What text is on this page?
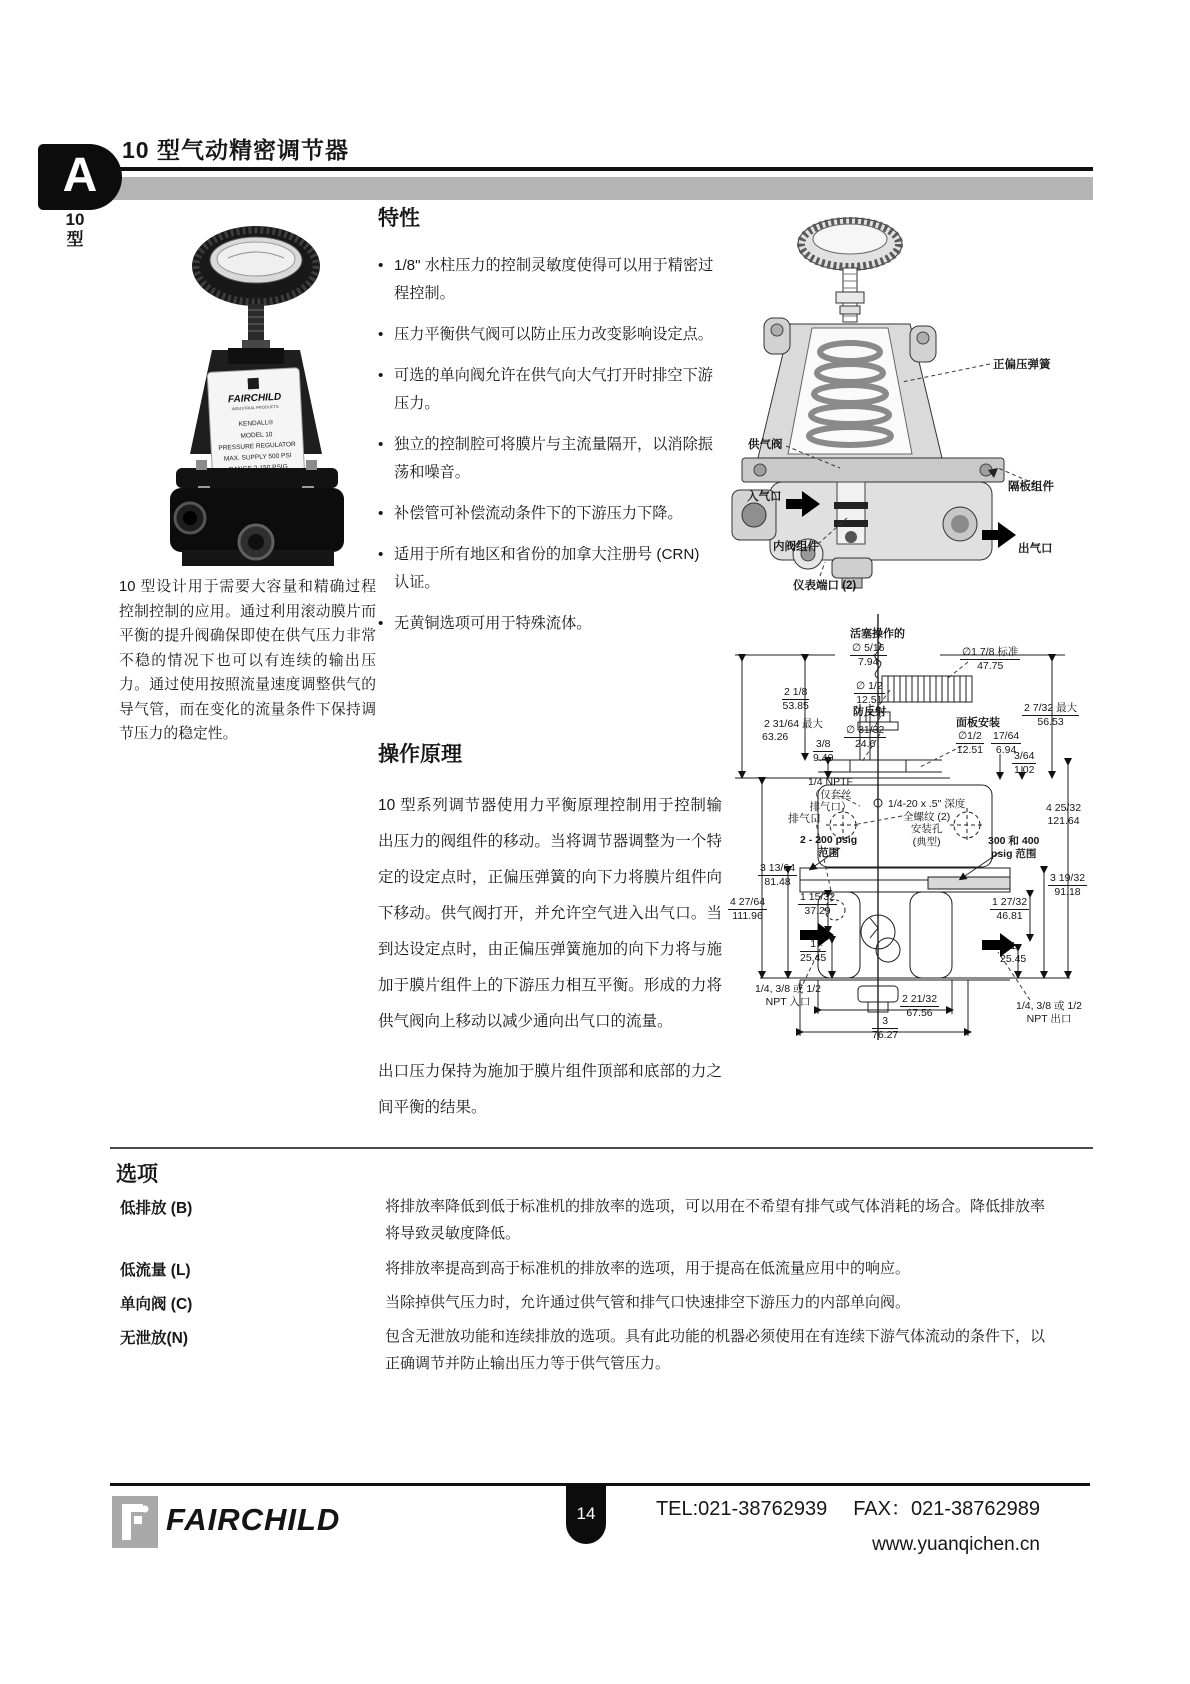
A 10 型气动精密调节器
10
型
FAIRCHILD
INDUSTRIAL PRODUCTS
KENDALL®
MODEL 10
PRESSURE REGULATOR
MAX. SUPPLY 500 PSI
10 型设计用于需要大容量和精确过程控制控制的应用。通过利用滚动膜片而平衡的提升阀确保即使在供气压力非常不稳的情况下也可以有连续的输出压力。通过使用按照流量速度调整供气的导气管，而在变化的流量条件下保持调节压力的稳定性。
特性
• 1/8" 水柱压力的控制灵敏度使得可以用于精密过程控制。
• 压力平衡供气阀可以防止压力改变影响设定点。
• 可选的单向阀允许在供气向大气打开时排空下游压力。
• 独立的控制腔可将膜片与主流量隔开，以消除振荡和噪音。
• 补偿管可补偿流动条件下的下游压力下降。
• 适用于所有地区和省份的加拿大注册号 (CRN) 认证。
• 无黄铜选项可用于特殊流体。
操作原理

10 型系列调节器使用力平衡原理控制用于控制输出压力的阀组件的移动。当将调节器调整为一个特定的设定点时，正偏压弹簧的向下力将膜片组件向下移动。供气阀打开，并允许空气进入出气口。当到达设定点时，由正偏压弹簧施加的向下力将与施加于膜片组件上的下游压力相互平衡。形成的力将供气阀向上移动以减少通向出气口的流量。

出口压力保持为施加于膜片组件顶部和底部的力之间平衡的结果。

正偏压弹簧
供气阀
入气口
内阀组件
隔板组件
出气口
仪表端口 (2)
活塞操作的
∅ 5/16
7.94
∅1 7/8 标准
47.75
2 1/8
53.85
2 31/64 最大
63.26
∅ 1/2
12.51
防反射
∅ 31/32
24.6
3/8
9.40
面板安装
∅1/2
12.51
17/64
6.94
3/64
1.02
2 7/32 最大
56.53
4 25/32
121.64
1/4 NPTF
（仅套丝
排气口）
排气口
1/4-20 x .5" 深度
全螺纹 (2)
安装孔
(典型)
2 - 200 psig
范围
300 和 400
psig 范围
3 13/64
81.48
1 15/32
37.29
4 27/64
111.96
1
25.45
3 19/32
91.18
1 27/32
46.81
1
25.45
1/4, 3/8 或 1/2
NPT 入口	2 21/32
67.56
3
76.27
1/4, 3/8 或 1/2
NPT 出口
选项
低排放 (B)	将排放率降低到低于标准机的排放率的选项，可以用在不希望有排气或气体消耗的场合。降低排放率将导致灵敏度降低。
低流量 (L)	将排放率提高到高于标准机的排放率的选项，用于提高在低流量应用中的响应。
单向阀 (C)	当除掉供气压力时，允许通过供气管和排气口快速排空下游压力的内部单向阀。
无泄放(N)	包含无泄放功能和连续排放的选项。具有此功能的机器必须使用在有连续下游气体流动的条件下，以正确调节并防止输出压力等于供气管压力。
14
FAIRCHILD	TEL:021-38762939 FAX：021-38762989
www.yuanqichen.cn
